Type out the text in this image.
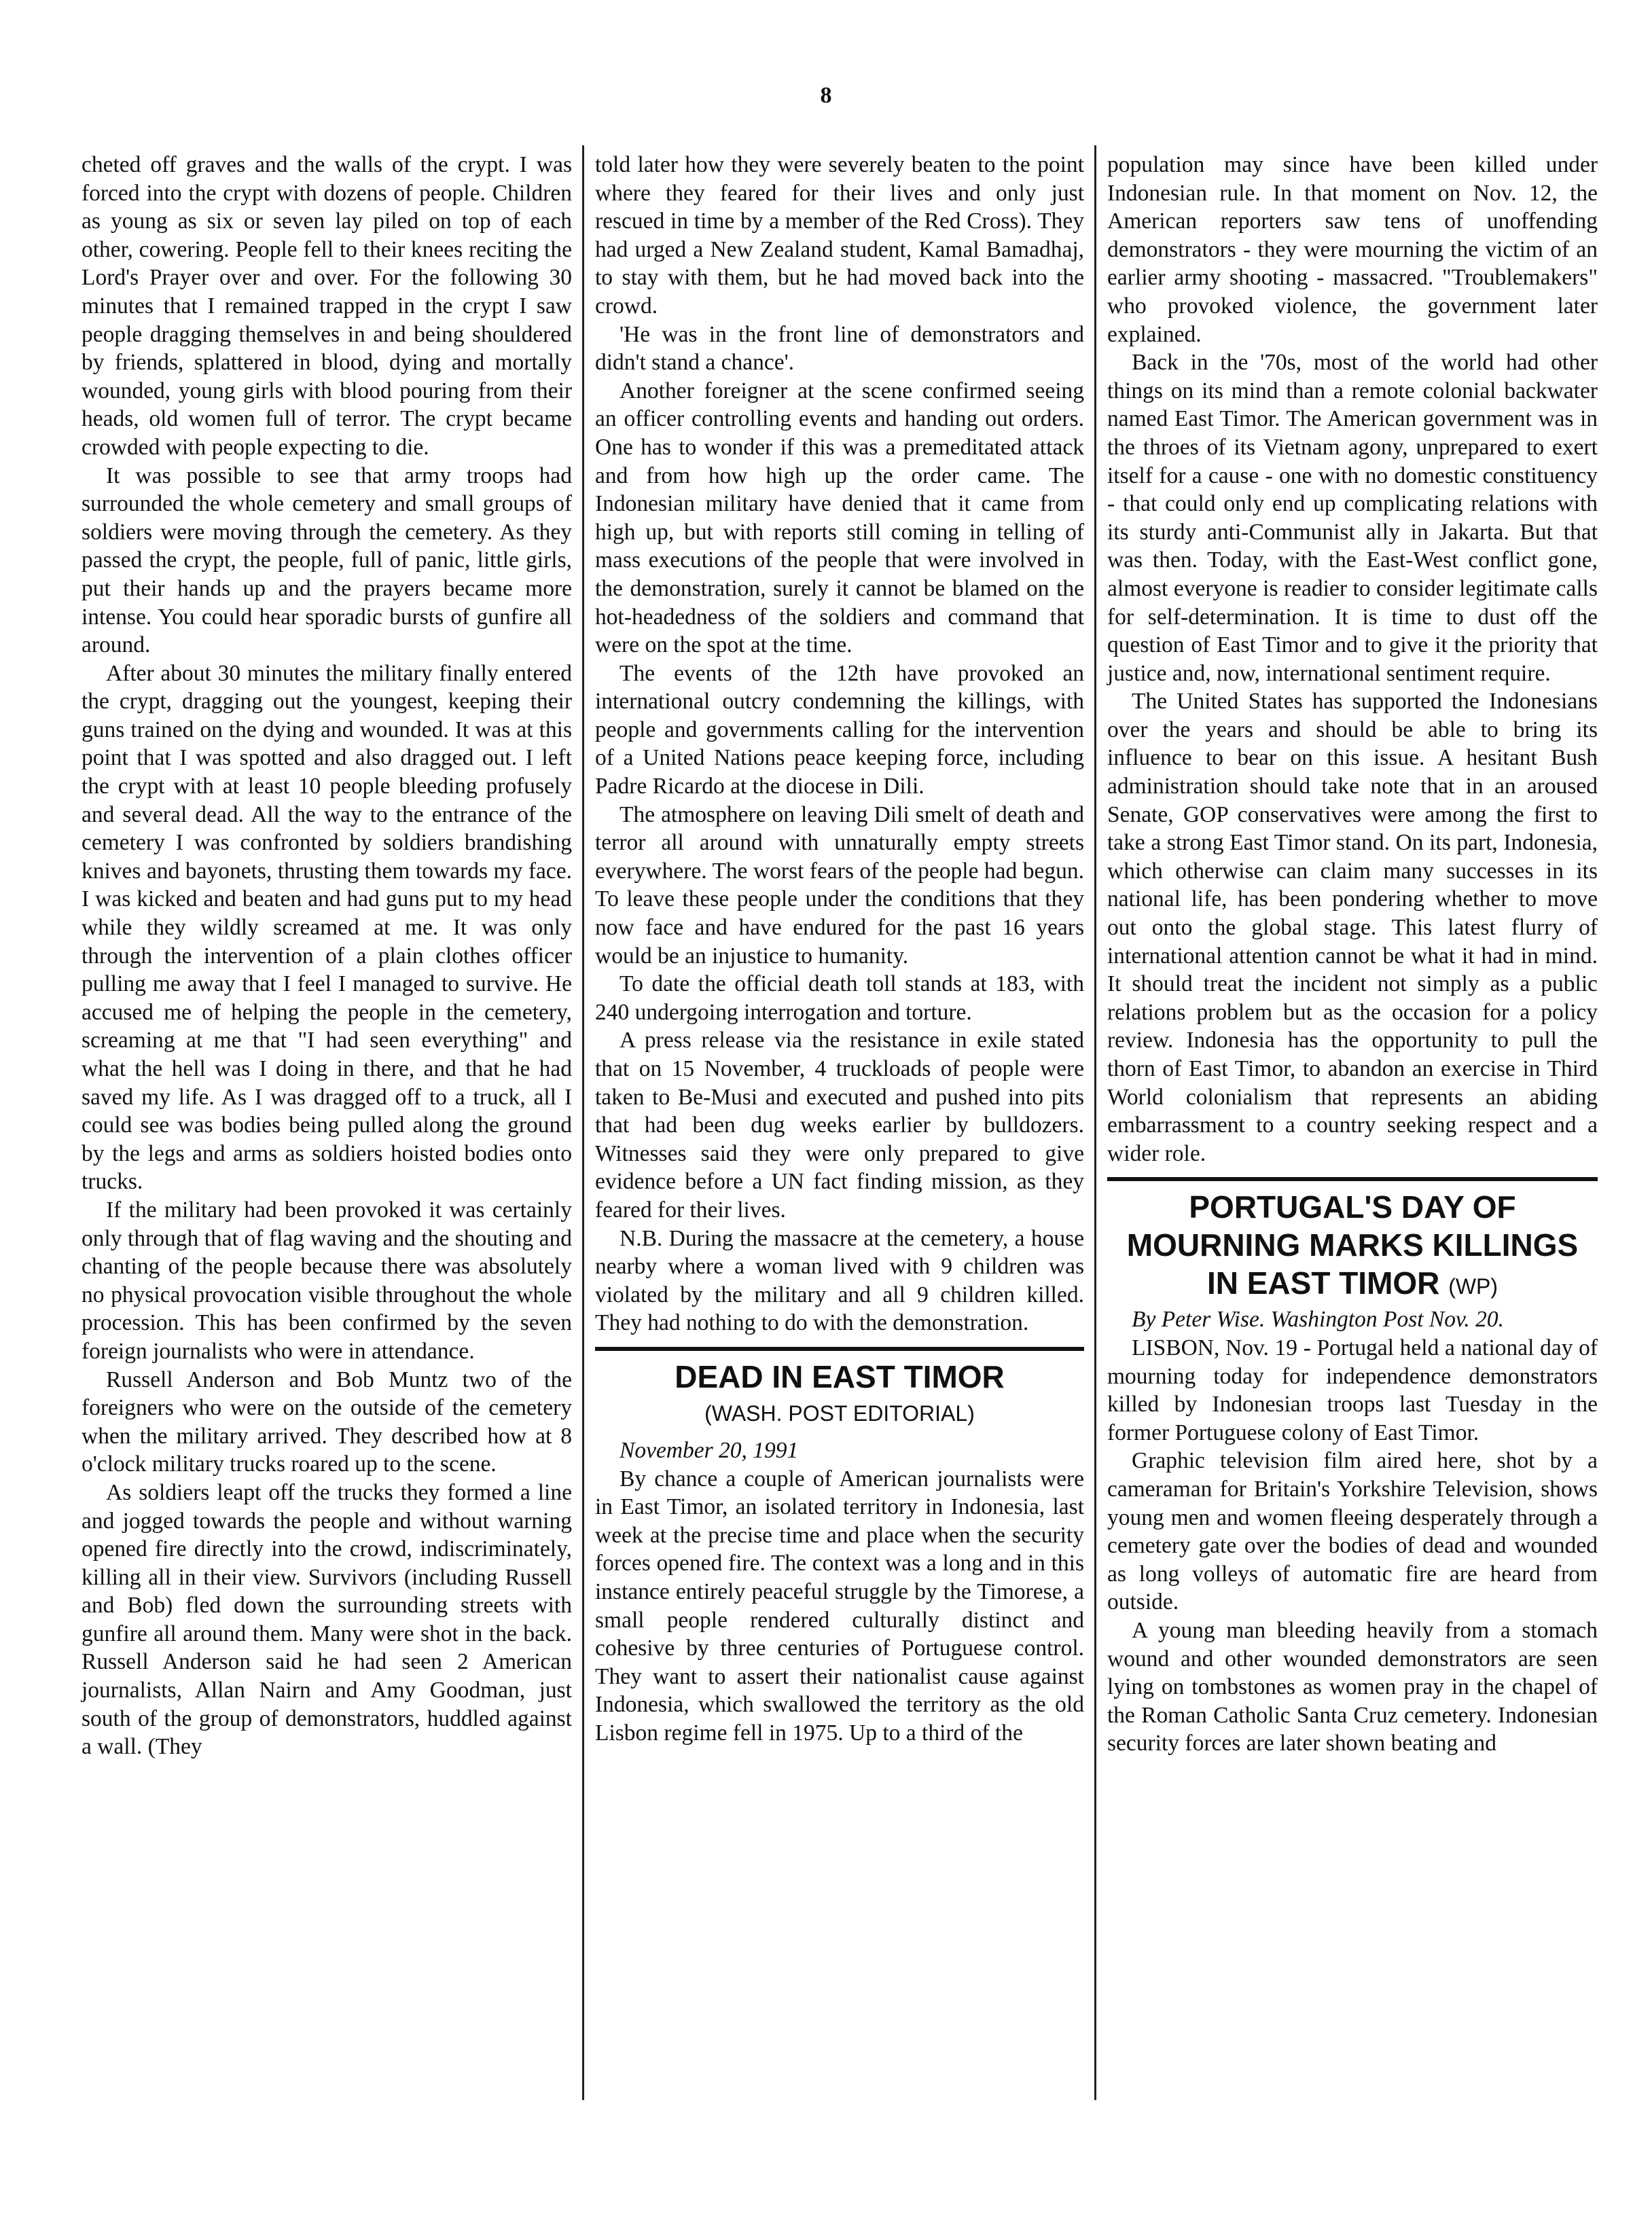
8

cheted off graves and the walls of the crypt. I was forced into the crypt with dozens of people. Children as young as six or seven lay piled on top of each other, cowering. People fell to their knees reciting the Lord's Prayer over and over. For the following 30 minutes that I remained trapped in the crypt I saw people dragging themselves in and being shouldered by friends, splattered in blood, dying and mortally wounded, young girls with blood pouring from their heads, old women full of terror. The crypt became crowded with people expecting to die.

It was possible to see that army troops had surrounded the whole cemetery and small groups of soldiers were moving through the cemetery. As they passed the crypt, the people, full of panic, little girls, put their hands up and the prayers became more intense. You could hear sporadic bursts of gunfire all around.

After about 30 minutes the military finally entered the crypt, dragging out the youngest, keeping their guns trained on the dying and wounded. It was at this point that I was spotted and also dragged out. I left the crypt with at least 10 people bleeding profusely and several dead. All the way to the entrance of the cemetery I was confronted by soldiers brandishing knives and bayonets, thrusting them towards my face. I was kicked and beaten and had guns put to my head while they wildly screamed at me. It was only through the intervention of a plain clothes officer pulling me away that I feel I managed to survive. He accused me of helping the people in the cemetery, screaming at me that "I had seen everything" and what the hell was I doing in there, and that he had saved my life. As I was dragged off to a truck, all I could see was bodies being pulled along the ground by the legs and arms as soldiers hoisted bodies onto trucks.

If the military had been provoked it was certainly only through that of flag waving and the shouting and chanting of the people because there was absolutely no physical provocation visible throughout the whole procession. This has been confirmed by the seven foreign journalists who were in attendance.

Russell Anderson and Bob Muntz two of the foreigners who were on the outside of the cemetery when the military arrived. They described how at 8 o'clock military trucks roared up to the scene.

As soldiers leapt off the trucks they formed a line and jogged towards the people and without warning opened fire directly into the crowd, indiscriminately, killing all in their view. Survivors (including Russell and Bob) fled down the surrounding streets with gunfire all around them. Many were shot in the back. Russell Anderson said he had seen 2 American journalists, Allan Nairn and Amy Goodman, just south of the group of demonstrators, huddled against a wall. (They

told later how they were severely beaten to the point where they feared for their lives and only just rescued in time by a member of the Red Cross). They had urged a New Zealand student, Kamal Bamadhaj, to stay with them, but he had moved back into the crowd.

'He was in the front line of demonstrators and didn't stand a chance'.

Another foreigner at the scene confirmed seeing an officer controlling events and handing out orders. One has to wonder if this was a premeditated attack and from how high up the order came. The Indonesian military have denied that it came from high up, but with reports still coming in telling of mass executions of the people that were involved in the demonstration, surely it cannot be blamed on the hot-headedness of the soldiers and command that were on the spot at the time.

The events of the 12th have provoked an international outcry condemning the killings, with people and governments calling for the intervention of a United Nations peace keeping force, including Padre Ricardo at the diocese in Dili.

The atmosphere on leaving Dili smelt of death and terror all around with unnaturally empty streets everywhere. The worst fears of the people had begun. To leave these people under the conditions that they now face and have endured for the past 16 years would be an injustice to humanity.

To date the official death toll stands at 183, with 240 undergoing interrogation and torture.

A press release via the resistance in exile stated that on 15 November, 4 truckloads of people were taken to Be-Musi and executed and pushed into pits that had been dug weeks earlier by bulldozers. Witnesses said they were only prepared to give evidence before a UN fact finding mission, as they feared for their lives.

N.B. During the massacre at the cemetery, a house nearby where a woman lived with 9 children was violated by the military and all 9 children killed. They had nothing to do with the demonstration.

DEAD IN EAST TIMOR
(WASH. POST EDITORIAL)

November 20, 1991

By chance a couple of American journalists were in East Timor, an isolated territory in Indonesia, last week at the precise time and place when the security forces opened fire. The context was a long and in this instance entirely peaceful struggle by the Timorese, a small people rendered culturally distinct and cohesive by three centuries of Portuguese control. They want to assert their nationalist cause against Indonesia, which swallowed the territory as the old Lisbon regime fell in 1975. Up to a third of the

population may since have been killed under Indonesian rule. In that moment on Nov. 12, the American reporters saw tens of unoffending demonstrators - they were mourning the victim of an earlier army shooting - massacred. "Troublemakers" who provoked violence, the government later explained.

Back in the '70s, most of the world had other things on its mind than a remote colonial backwater named East Timor. The American government was in the throes of its Vietnam agony, unprepared to exert itself for a cause - one with no domestic constituency - that could only end up complicating relations with its sturdy anti-Communist ally in Jakarta. But that was then. Today, with the East-West conflict gone, almost everyone is readier to consider legitimate calls for self-determination. It is time to dust off the question of East Timor and to give it the priority that justice and, now, international sentiment require.

The United States has supported the Indonesians over the years and should be able to bring its influence to bear on this issue. A hesitant Bush administration should take note that in an aroused Senate, GOP conservatives were among the first to take a strong East Timor stand. On its part, Indonesia, which otherwise can claim many successes in its national life, has been pondering whether to move out onto the global stage. This latest flurry of international attention cannot be what it had in mind. It should treat the incident not simply as a public relations problem but as the occasion for a policy review. Indonesia has the opportunity to pull the thorn of East Timor, to abandon an exercise in Third World colonialism that represents an abiding embarrassment to a country seeking respect and a wider role.

PORTUGAL'S DAY OF MOURNING MARKS KILLINGS IN EAST TIMOR (WP)

By Peter Wise. Washington Post Nov. 20.

LISBON, Nov. 19 - Portugal held a national day of mourning today for independence demonstrators killed by Indonesian troops last Tuesday in the former Portuguese colony of East Timor.

Graphic television film aired here, shot by a cameraman for Britain's Yorkshire Television, shows young men and women fleeing desperately through a cemetery gate over the bodies of dead and wounded as long volleys of automatic fire are heard from outside.

A young man bleeding heavily from a stomach wound and other wounded demonstrators are seen lying on tombstones as women pray in the chapel of the Roman Catholic Santa Cruz cemetery. Indonesian security forces are later shown beating and
